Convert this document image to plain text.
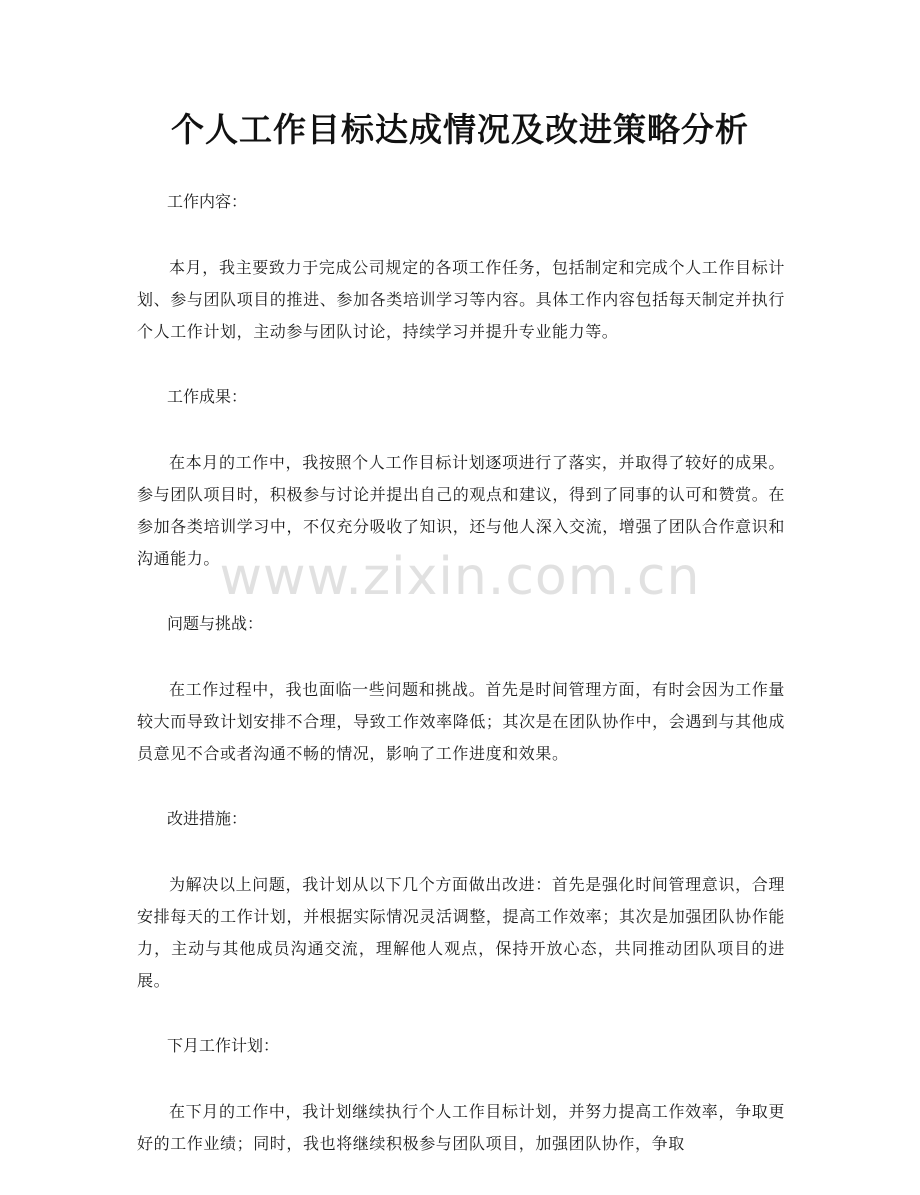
个人工作目标达成情况及改进策略分析

工作内容：

本月，我主要致力于完成公司规定的各项工作任务，包括制定和完成个人工作目标计划、参与团队项目的推进、参加各类培训学习等内容。具体工作内容包括每天制定并执行个人工作计划，主动参与团队讨论，持续学习并提升专业能力等。

工作成果：

在本月的工作中，我按照个人工作目标计划逐项进行了落实，并取得了较好的成果。参与团队项目时，积极参与讨论并提出自己的观点和建议，得到了同事的认可和赞赏。在参加各类培训学习中，不仅充分吸收了知识，还与他人深入交流，增强了团队合作意识和沟通能力。

问题与挑战：

在工作过程中，我也面临一些问题和挑战。首先是时间管理方面，有时会因为工作量较大而导致计划安排不合理，导致工作效率降低；其次是在团队协作中，会遇到与其他成员意见不合或者沟通不畅的情况，影响了工作进度和效果。

改进措施：

为解决以上问题，我计划从以下几个方面做出改进：首先是强化时间管理意识，合理安排每天的工作计划，并根据实际情况灵活调整，提高工作效率；其次是加强团队协作能力，主动与其他成员沟通交流，理解他人观点，保持开放心态，共同推动团队项目的进展。

下月工作计划：

在下月的工作中，我计划继续执行个人工作目标计划，并努力提高工作效率，争取更好的工作业绩；同时，我也将继续积极参与团队项目，加强团队协作，争取

www.zixin.com.cn
